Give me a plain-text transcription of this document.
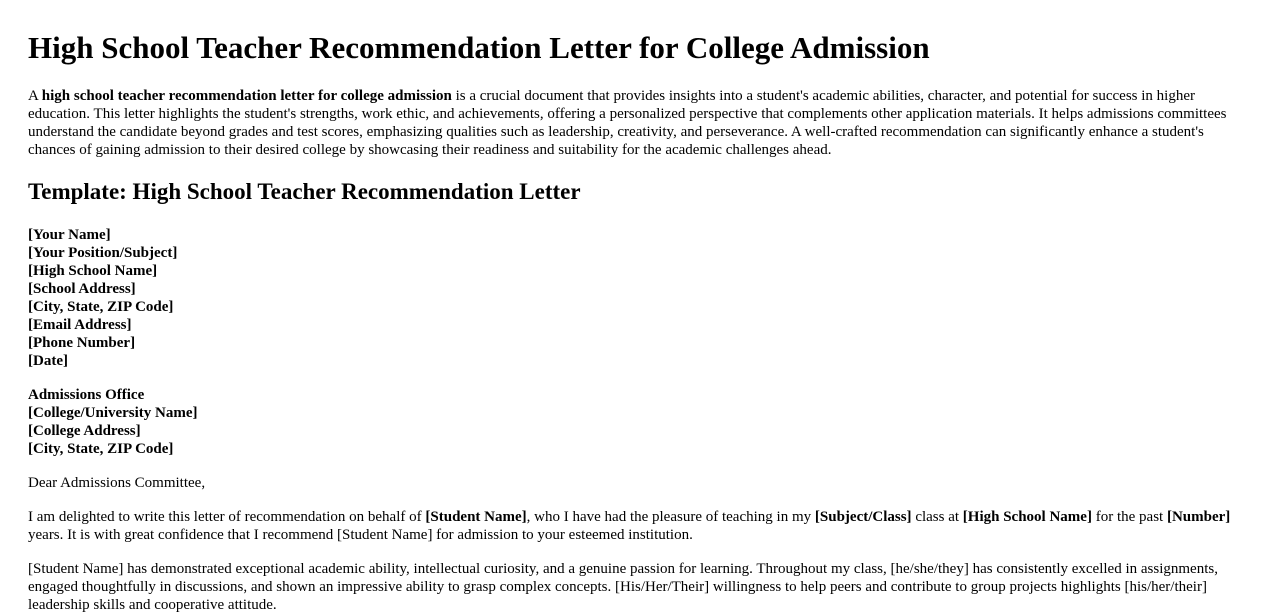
High School Teacher Recommendation Letter for College Admission

A high school teacher recommendation letter for college admission is a crucial document that provides insights into a student's academic abilities, character, and potential for success in higher education. This letter highlights the student's strengths, work ethic, and achievements, offering a personalized perspective that complements other application materials. It helps admissions committees understand the candidate beyond grades and test scores, emphasizing qualities such as leadership, creativity, and perseverance. A well-crafted recommendation can significantly enhance a student's chances of gaining admission to their desired college by showcasing their readiness and suitability for the academic challenges ahead.

Template: High School Teacher Recommendation Letter
[Your Name]
[Your Position/Subject]
[High School Name]
[School Address]
[City, State, ZIP Code]
[Email Address]
[Phone Number]
[Date]
Admissions Office
[College/University Name]
[College Address]
[City, State, ZIP Code]

Dear Admissions Committee,

I am delighted to write this letter of recommendation on behalf of [Student Name], who I have had the pleasure of teaching in my [Subject/Class] class at [High School Name] for the past [Number] years. It is with great confidence that I recommend [Student Name] for admission to your esteemed institution.

[Student Name] has demonstrated exceptional academic ability, intellectual curiosity, and a genuine passion for learning. Throughout my class, [he/she/they] has consistently excelled in assignments, engaged thoughtfully in discussions, and shown an impressive ability to grasp complex concepts. [His/Her/Their] willingness to help peers and contribute to group projects highlights [his/her/their] leadership skills and cooperative attitude.
